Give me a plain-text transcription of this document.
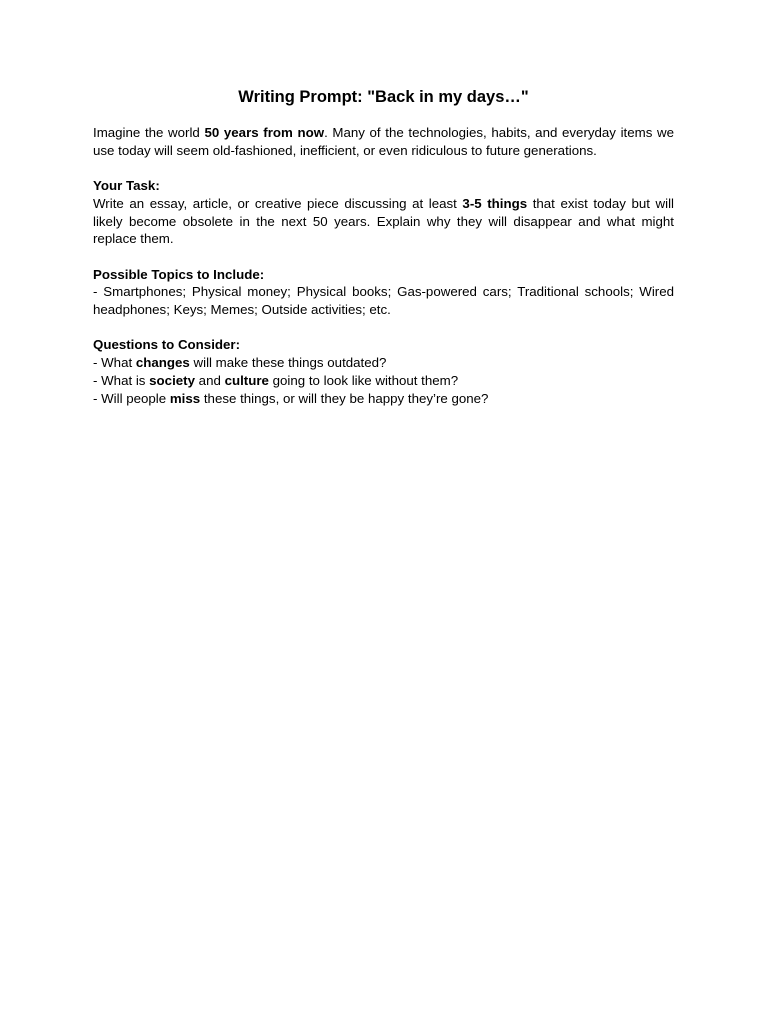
Writing Prompt: "Back in my days…"

Imagine the world 50 years from now. Many of the technologies, habits, and everyday items we use today will seem old-fashioned, inefficient, or even ridiculous to future generations.

Your Task:

Write an essay, article, or creative piece discussing at least 3-5 things that exist today but will likely become obsolete in the next 50 years. Explain why they will disappear and what might replace them.

Possible Topics to Include:

- Smartphones; Physical money; Physical books; Gas-powered cars; Traditional schools; Wired headphones; Keys; Memes; Outside activities; etc.

Questions to Consider:

- What changes will make these things outdated?

- What is society and culture going to look like without them?

- Will people miss these things, or will they be happy they’re gone?
